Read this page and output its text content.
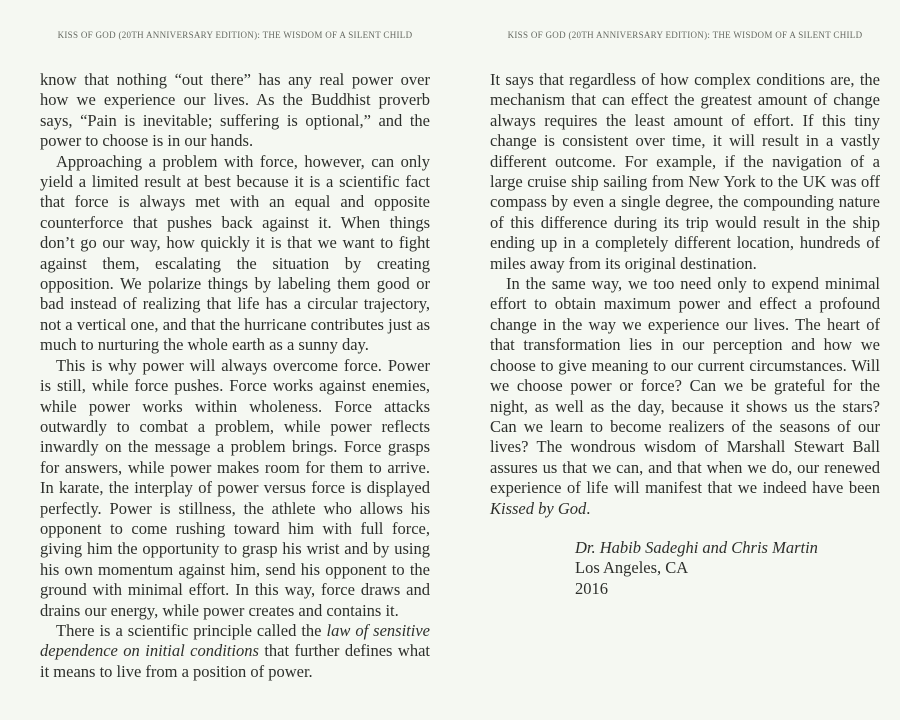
KISS OF GOD (20TH ANNIVERSARY EDITION): THE WISDOM OF A SILENT CHILD

know that nothing “out there” has any real power over how we experience our lives. As the Buddhist proverb says, “Pain is inevitable; suffering is optional,” and the power to choose is in our hands.

Approaching a problem with force, however, can only yield a limited result at best because it is a scientific fact that force is always met with an equal and opposite counterforce that pushes back against it. When things don’t go our way, how quickly it is that we want to fight against them, escalating the situation by creating opposition. We polarize things by labeling them good or bad instead of realizing that life has a circular trajectory, not a vertical one, and that the hurricane contributes just as much to nurturing the whole earth as a sunny day.

This is why power will always overcome force. Power is still, while force pushes. Force works against enemies, while power works within wholeness. Force attacks outwardly to combat a problem, while power reflects inwardly on the message a problem brings. Force grasps for answers, while power makes room for them to arrive. In karate, the interplay of power versus force is displayed perfectly. Power is stillness, the athlete who allows his opponent to come rushing toward him with full force, giving him the opportunity to grasp his wrist and by using his own momentum against him, send his opponent to the ground with minimal effort. In this way, force draws and drains our energy, while power creates and contains it.

There is a scientific principle called the law of sensitive dependence on initial conditions that further defines what it means to live from a position of power.

KISS OF GOD (20TH ANNIVERSARY EDITION): THE WISDOM OF A SILENT CHILD

It says that regardless of how complex conditions are, the mechanism that can effect the greatest amount of change always requires the least amount of effort. If this tiny change is consistent over time, it will result in a vastly different outcome. For example, if the navigation of a large cruise ship sailing from New York to the UK was off compass by even a single degree, the compounding nature of this difference during its trip would result in the ship ending up in a completely different location, hundreds of miles away from its original destination.

In the same way, we too need only to expend minimal effort to obtain maximum power and effect a profound change in the way we experience our lives. The heart of that transformation lies in our perception and how we choose to give meaning to our current circumstances. Will we choose power or force? Can we be grateful for the night, as well as the day, because it shows us the stars? Can we learn to become realizers of the seasons of our lives? The wondrous wisdom of Marshall Stewart Ball assures us that we can, and that when we do, our renewed experience of life will manifest that we indeed have been Kissed by God.

Dr. Habib Sadeghi and Chris Martin
Los Angeles, CA
2016
